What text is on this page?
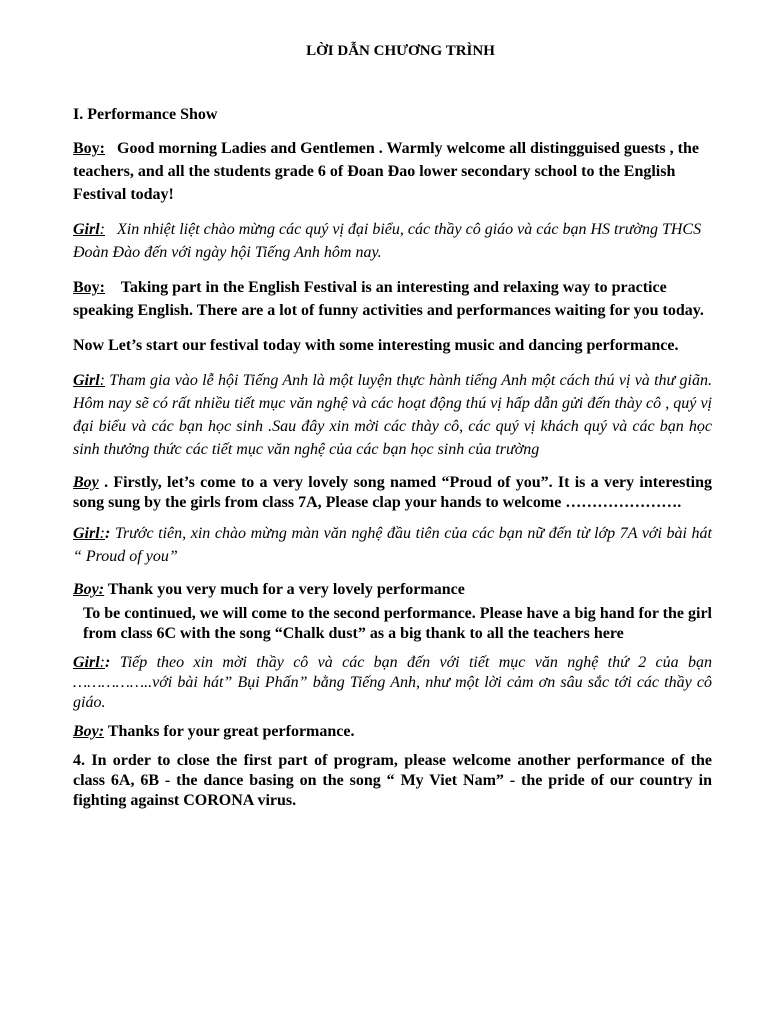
LỜI DẪN CHƯƠNG TRÌNH
I. Performance Show
Boy: Good morning Ladies and Gentlemen . Warmly welcome all distingguised guests , the teachers, and all the students grade 6 of Đoan Đao lower secondary school to the English Festival today!
Girl: Xin nhiệt liệt chào mừng các quý vị đại biểu, các thầy cô giáo và các bạn HS trường THCS Đoàn Đào đến với ngày hội Tiếng Anh hôm nay.
Boy: Taking part in the English Festival is an interesting and relaxing way to practice speaking English. There are a lot of funny activities and performances waiting for you today.
Now Let’s start our festival today with some interesting music and dancing performance.
Girl: Tham gia vào lễ hội Tiếng Anh là một luyện thực hành tiếng Anh một cách thú vị và thư giãn. Hôm nay sẽ có rất nhiều tiết mục văn nghệ và các hoạt động thú vị hấp dẫn gửi đến thày cô , quý vị đại biểu và các bạn học sinh .Sau đây xin mời các thày cô, các quý vị khách quý và các bạn học sinh thưởng thức các tiết mục văn nghệ của các bạn học sinh của trường
Boy . Firstly, let’s come to a very lovely song named “Proud of you”. It is a very interesting song sung by the girls from class 7A, Please clap your hands to welcome ………………….
Girl:: Trước tiên, xin chào mừng màn văn nghệ đầu tiên của các bạn nữ đến từ lớp 7A với bài hát “ Proud of you”
Boy: Thank you very much for a very lovely performance
To be continued, we will come to the second performance. Please have a big hand for the girl from class 6C with the song “Chalk dust” as a big thank to all the teachers here
Girl:: Tiếp theo xin mời thầy cô và các bạn đến với tiết mục văn nghệ thứ 2 của bạn ……………..với bài hát” Bụi Phấn” bằng Tiếng Anh, như một lời cảm ơn sâu sắc tới các thầy cô giáo.
Boy: Thanks for your great performance.
4. In order to close the first part of program, please welcome another performance of the class 6A, 6B - the dance basing on the song “ My Viet Nam” - the pride of our country in fighting against CORONA virus.
